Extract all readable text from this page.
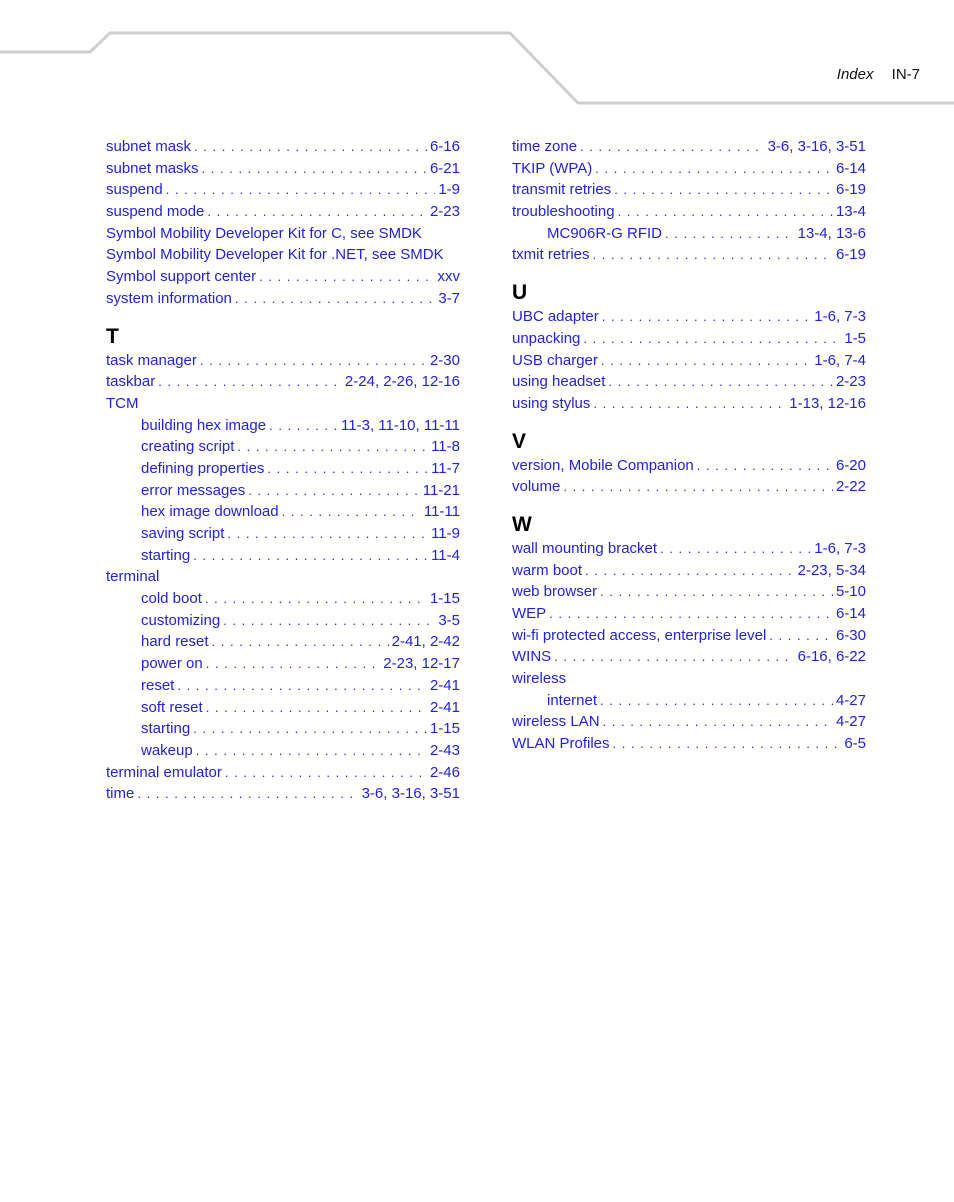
Index IN-7
subnet mask . . .	6-16
subnet masks . . .	6-21
suspend . . .	1-9
suspend mode . . .	2-23
Symbol Mobility Developer Kit for C, see SMDK
Symbol Mobility Developer Kit for .NET, see SMDK
Symbol support center . . .	xxv
system information . . .	3-7
T
task manager . . .	2-30
taskbar . . .	2-24, 2-26, 12-16
TCM
building hex image . . .	11-3, 11-10, 11-11
creating script . . .	11-8
defining properties . . .	11-7
error messages . . .	11-21
hex image download . . .	11-11
saving script . . .	11-9
starting . . .	11-4
terminal
cold boot . . .	1-15
customizing . . .	3-5
hard reset . . .	2-41, 2-42
power on . . .	2-23, 12-17
reset . . .	2-41
soft reset . . .	2-41
starting . . .	1-15
wakeup . . .	2-43
terminal emulator . . .	2-46
time . . .	3-6, 3-16, 3-51
time zone . . .	3-6, 3-16, 3-51
TKIP (WPA) . . .	6-14
transmit retries . . .	6-19
troubleshooting . . .	13-4
MC906R-G RFID . . .	13-4, 13-6
txmit retries . . .	6-19
U
UBC adapter . . .	1-6, 7-3
unpacking . . .	1-5
USB charger . . .	1-6, 7-4
using headset . . .	2-23
using stylus . . .	1-13, 12-16
V
version, Mobile Companion . . .	6-20
volume . . .	2-22
W
wall mounting bracket . . .	1-6, 7-3
warm boot . . .	2-23, 5-34
web browser . . .	5-10
WEP . . .	6-14
wi-fi protected access, enterprise level . . .	6-30
WINS . . .	6-16, 6-22
wireless
internet . . .	4-27
wireless LAN . . .	4-27
WLAN Profiles . . .	6-5
